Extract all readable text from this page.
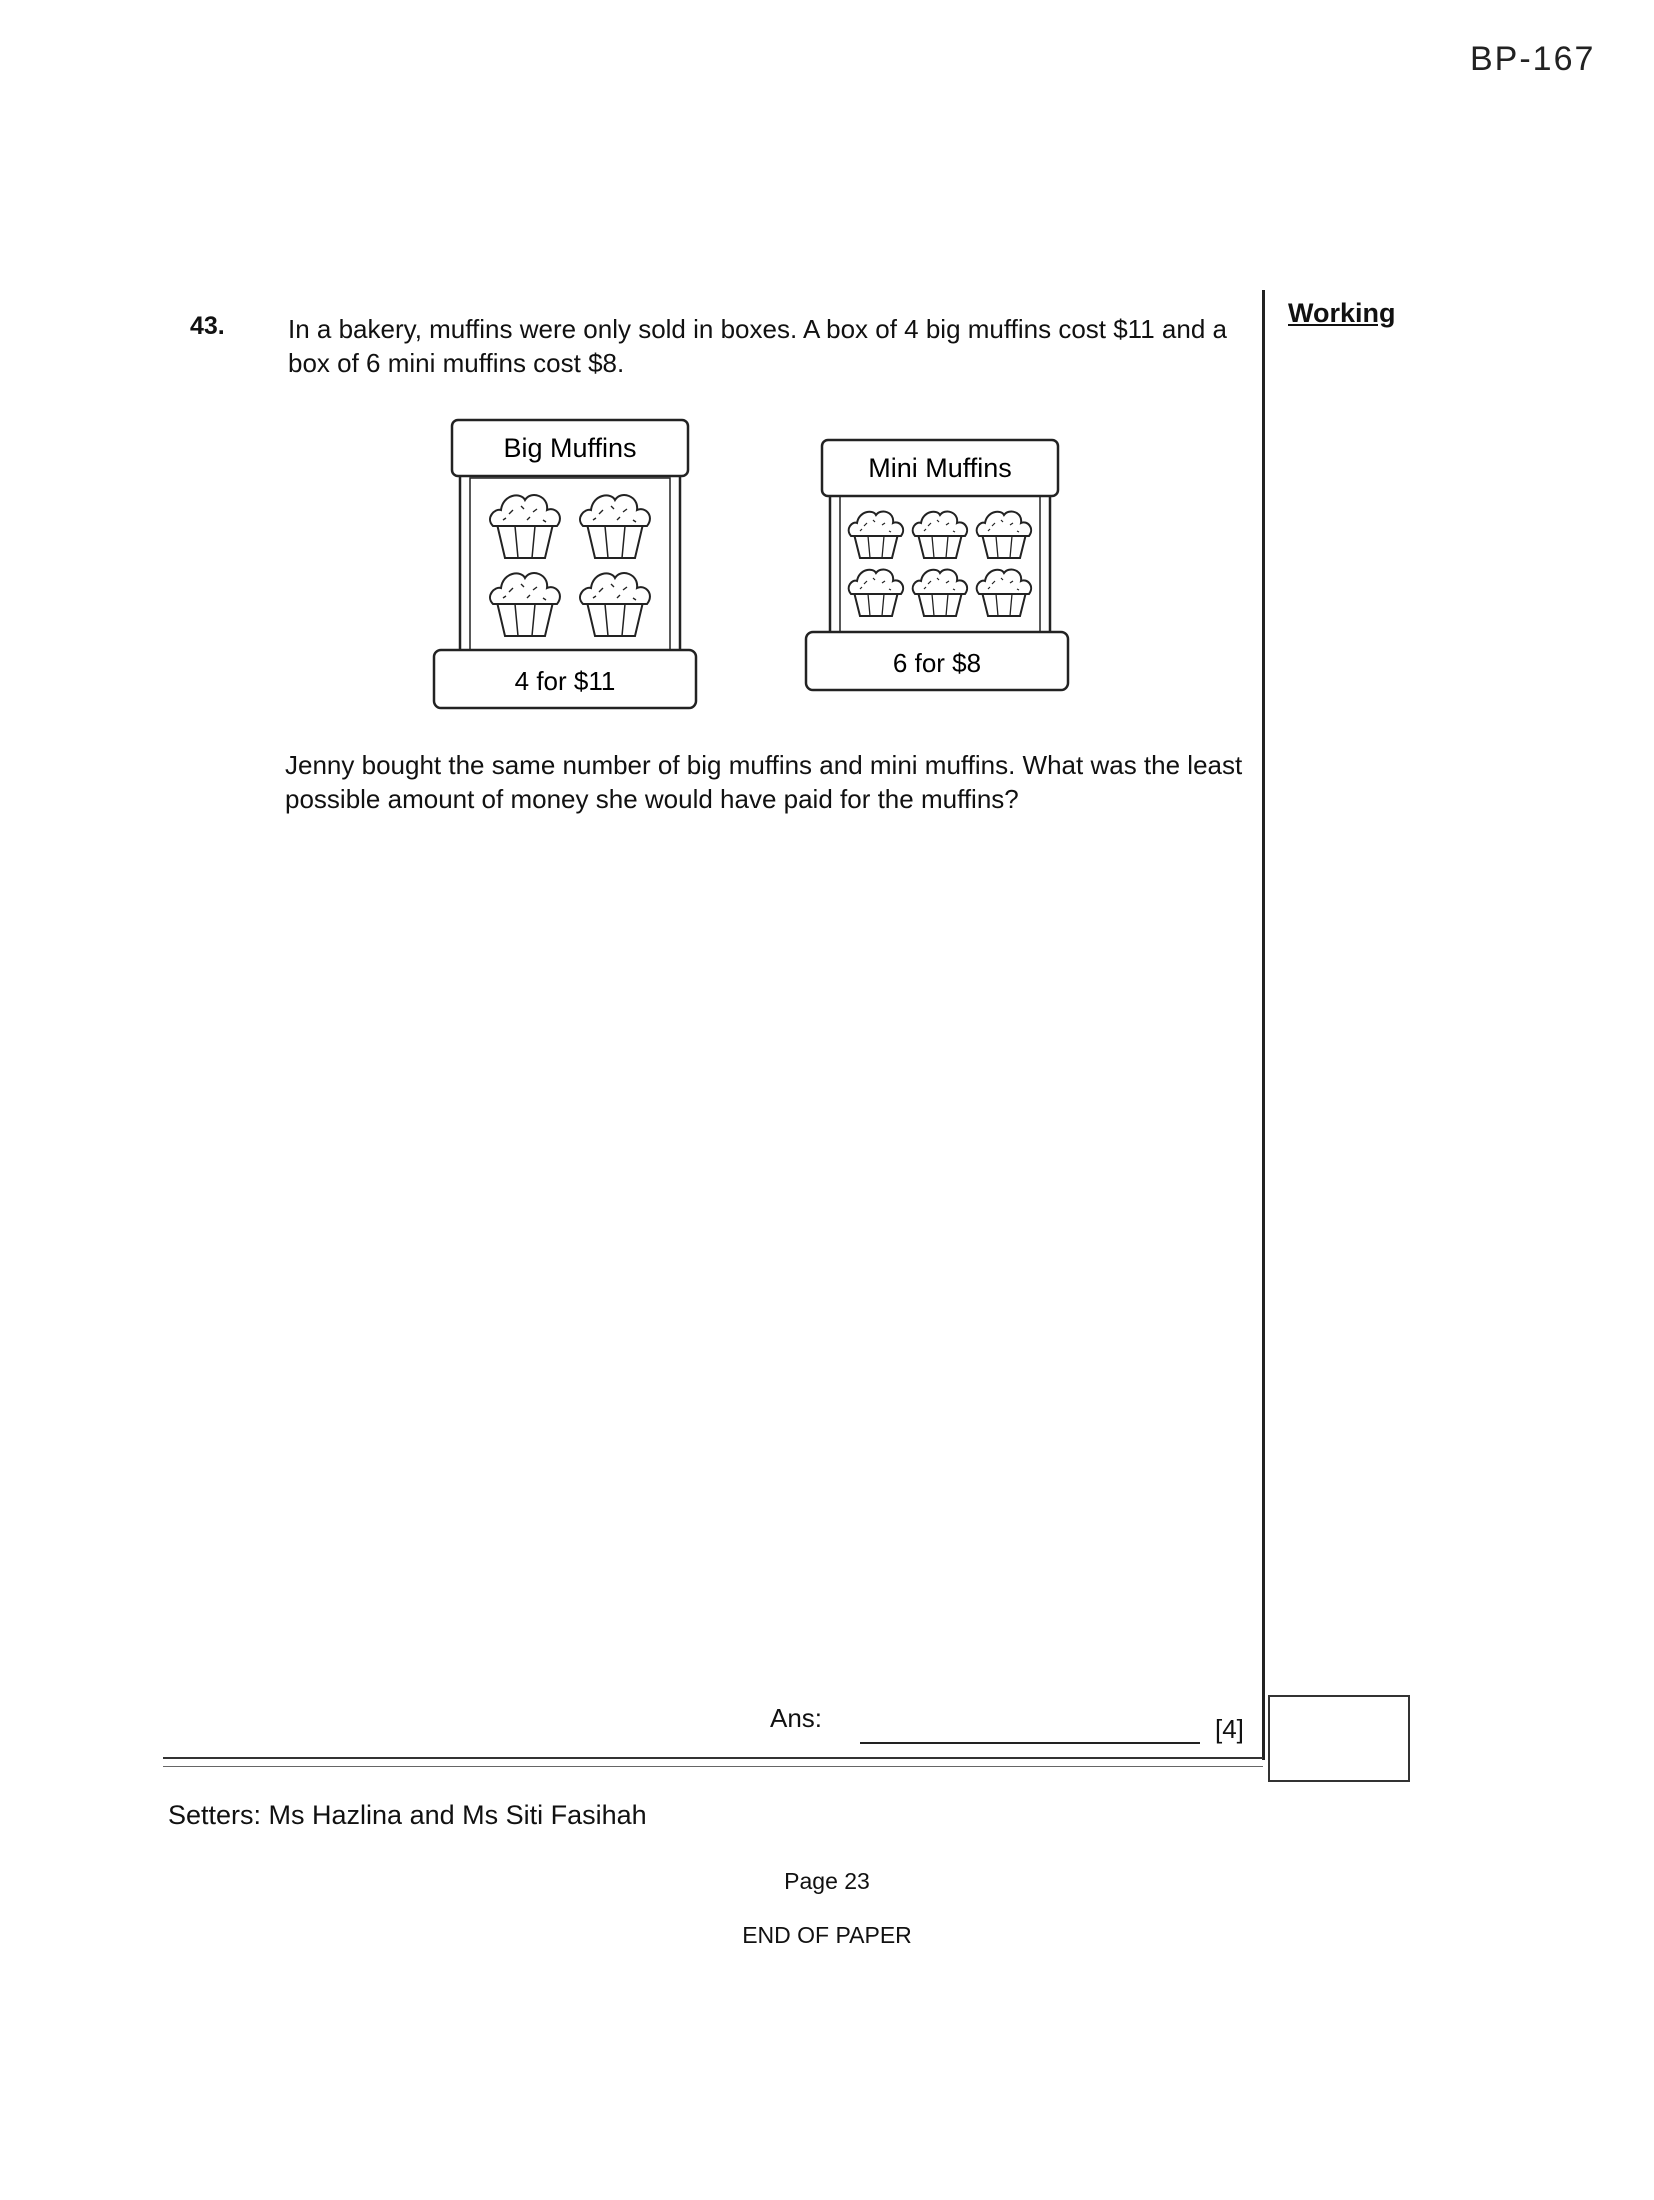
BP-167
43. In a bakery, muffins were only sold in boxes. A box of 4 big muffins cost $11 and a box of 6 mini muffins cost $8.
Working
Big Muffins
4 for $11
Mini Muffins
6 for $8
Jenny bought the same number of big muffins and mini muffins. What was the least possible amount of money she would have paid for the muffins?
Ans:	[4]
Setters: Ms Hazlina and Ms Siti Fasihah
Page 23
END OF PAPER
